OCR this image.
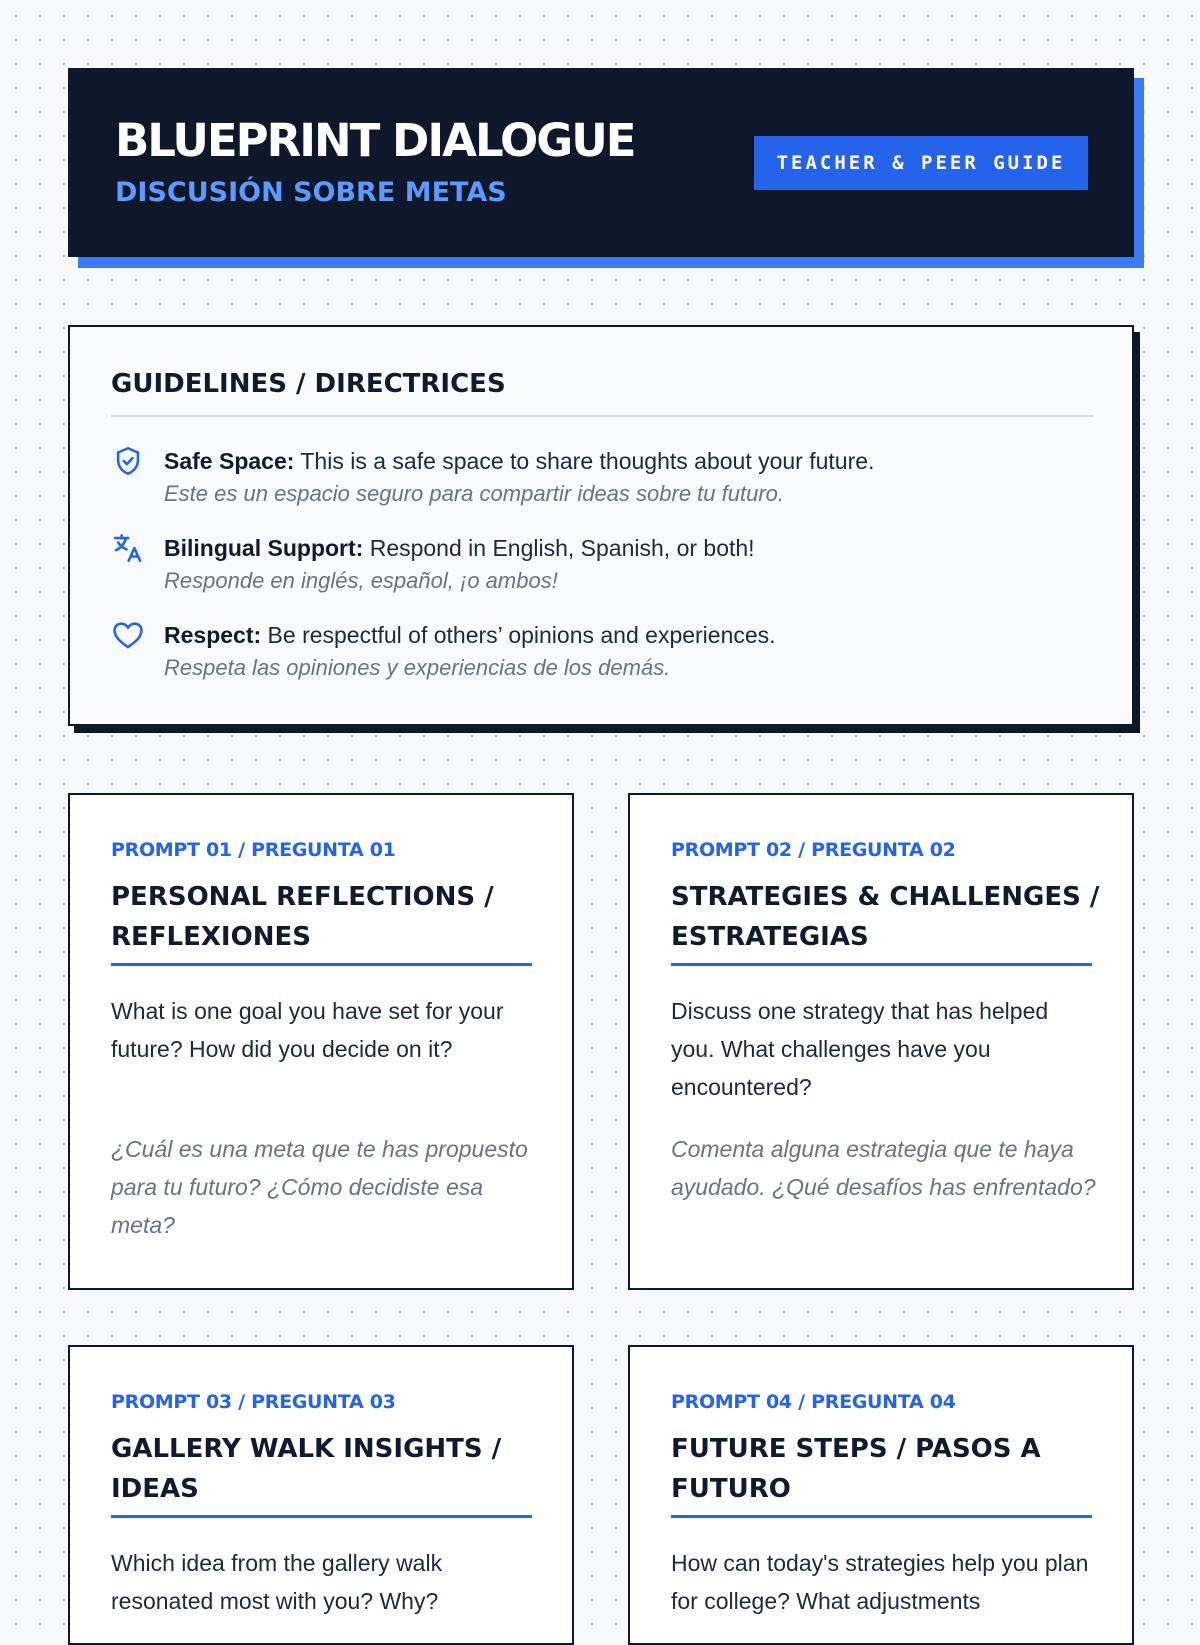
BLUEPRINT DIALOGUE
DISCUSIÓN SOBRE METAS
TEACHER & PEER GUIDE
GUIDELINES / DIRECTRICES
Safe Space: This is a safe space to share thoughts about your future.
Este es un espacio seguro para compartir ideas sobre tu futuro.
Bilingual Support: Respond in English, Spanish, or both!
Responde en inglés, español, ¡o ambos!
Respect: Be respectful of others’ opinions and experiences.
Respeta las opiniones y experiencias de los demás.
PROMPT 01 / PREGUNTA 01
PERSONAL REFLECTIONS / REFLEXIONES
What is one goal you have set for your future? How did you decide on it?
¿Cuál es una meta que te has propuesto para tu futuro? ¿Cómo decidiste esa meta?
PROMPT 02 / PREGUNTA 02
STRATEGIES & CHALLENGES / ESTRATEGIAS
Discuss one strategy that has helped you. What challenges have you encountered?
Comenta alguna estrategia que te haya ayudado. ¿Qué desafíos has enfrentado?
PROMPT 03 / PREGUNTA 03
GALLERY WALK INSIGHTS / IDEAS
Which idea from the gallery walk resonated most with you? Why?
PROMPT 04 / PREGUNTA 04
FUTURE STEPS / PASOS A FUTURO
How can today's strategies help you plan for college? What adjustments
